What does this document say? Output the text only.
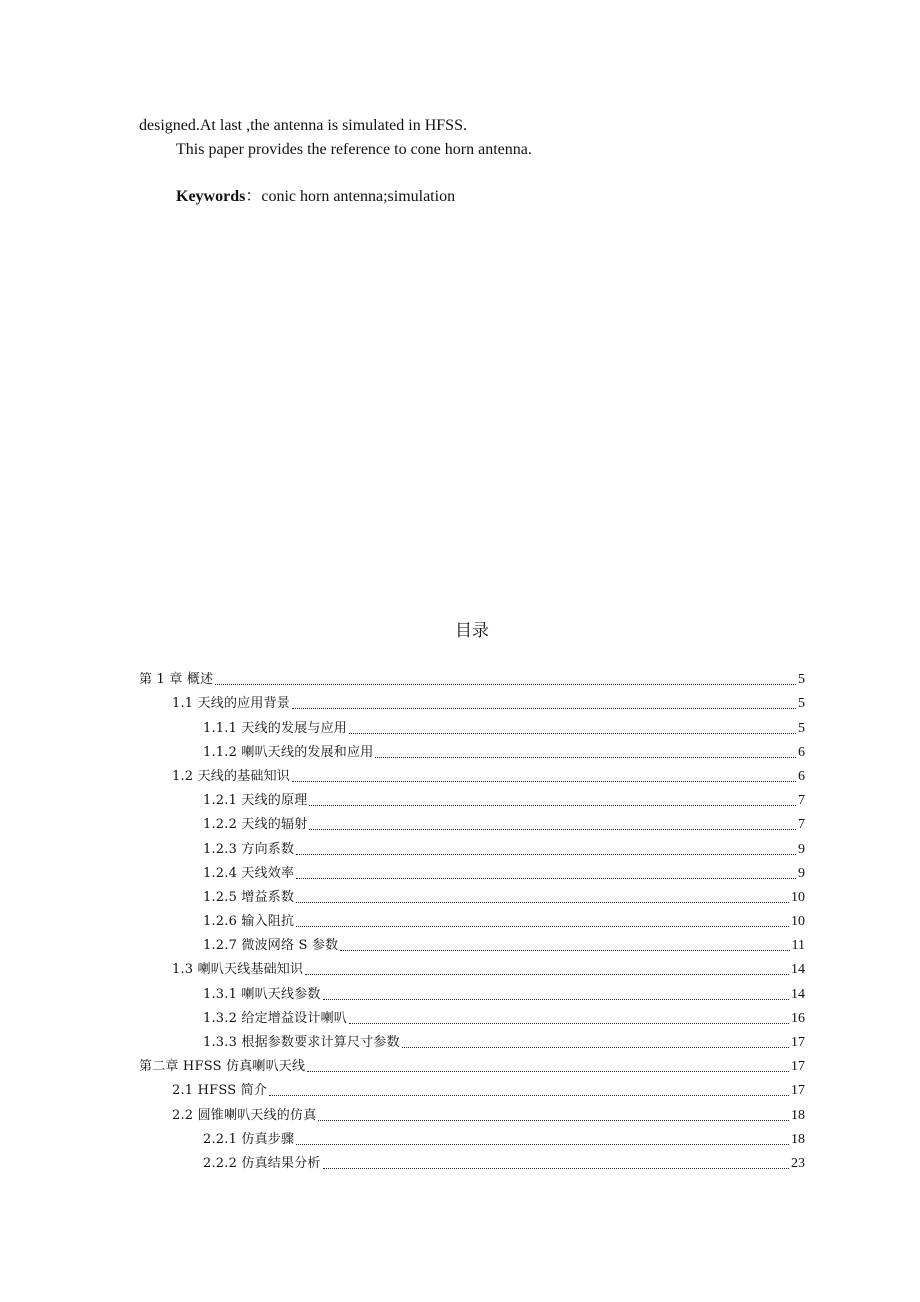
designed.At last ,the antenna is simulated in HFSS.

This paper provides the reference to cone horn antenna.

Keywords：conic horn antenna;simulation
目录
第 1 章 概述	5
1.1 天线的应用背景	5
1.1.1 天线的发展与应用	5
1.1.2 喇叭天线的发展和应用	6
1.2 天线的基础知识	6
1.2.1 天线的原理	7
1.2.2 天线的辐射	7
1.2.3 方向系数	9
1.2.4 天线效率	9
1.2.5 增益系数	10
1.2.6 输入阻抗	10
1.2.7 微波网络 S 参数	11
1.3 喇叭天线基础知识	14
1.3.1 喇叭天线参数	14
1.3.2 给定增益设计喇叭	16
1.3.3 根据参数要求计算尺寸参数	17
第二章 HFSS 仿真喇叭天线	17
2.1 HFSS 简介	17
2.2 圆锥喇叭天线的仿真	18
2.2.1 仿真步骤	18
2.2.2 仿真结果分析	23
